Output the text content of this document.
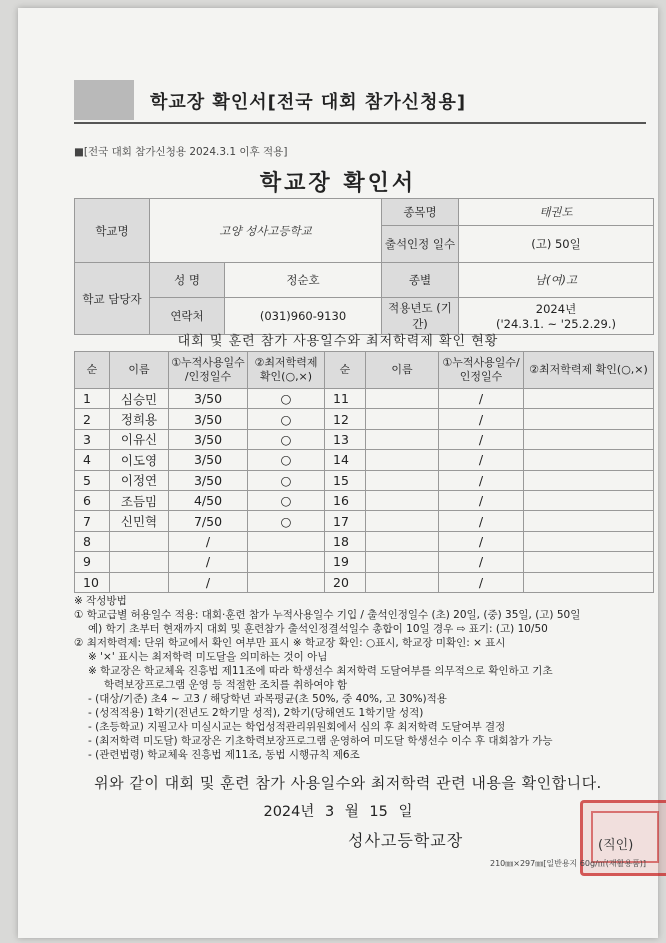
학교장 확인서[전국 대회 참가신청용]
■[전국 대회 참가신청용 2024.3.1 이후 적용]
학교장 확인서
학교명	고양 성사고등학교		종목명	태권도
			출석인정 일수	(고) 50일
학교 담당자	성 명	정순호	종별	남(여)고
	연락처	(031)960-9130	적용년도 (기간)	2024년
('24.3.1. ~ '25.2.29.)
대회 및 훈련 참가 사용일수와 최저학력제 확인 현황
순	이름	①누적사용일수 /인정일수	②최저학력제 확인(○,×)	순	이름	①누적사용일수/ 인정일수	②최저학력제 확인(○,×)
1	심승민	3/50	○	11		/	
2	정희용	3/50	○	12		/	
3	이유신	3/50	○	13		/	
4	이도영	3/50	○	14		/	
5	이정연	3/50	○	15		/	
6	조듬밈	4/50	○	16		/	
7	신민혁	7/50	○	17		/	
8		/		18		/	
9		/		19		/	
10		/		20		/	
※ 작성방법
① 학교급별 허용일수 적용: 대회·훈련 참가 누적사용일수 기입 / 출석인정일수 (초) 20일, (중) 35일, (고) 50일
예) 학기 초부터 현재까지 대회 및 훈련참가 출석인정결석일수 총합이 10일 경우 ⇨ 표기: (고) 10/50
② 최저학력제: 단위 학교에서 확인 여부만 표시 ※ 학교장 확인: ○표시, 학교장 미확인: × 표시
※ '×' 표시는 최저학력 미도달을 의미하는 것이 아님
※ 학교장은 학교체육 진흥법 제11조에 따라 학생선수 최저학력 도달여부를 의무적으로 확인하고 기초
학력보장프로그램 운영 등 적절한 조치를 취하여야 함
- (대상/기준) 초4 ~ 고3 / 해당학년 과목평균(초 50%, 중 40%, 고 30%)적용
- (성적적용) 1학기(전년도 2학기말 성적), 2학기(당해연도 1학기말 성적)
- (초등학교) 지필고사 미실시교는 학업성적관리위원회에서 심의 후 최저학력 도달여부 결정
- (최저학력 미도달) 학교장은 기초학력보장프로그램 운영하여 미도달 학생선수 이수 후 대회참가 가능
- (관련법령) 학교체육 진흥법 제11조, 동법 시행규칙 제6조
위와 같이 대회 및 훈련 참가 사용일수와 최저학력 관련 내용을 확인합니다.
2024년 3 월 15 일
성사고등학교장	(직인)
210㎜×297㎜[일반용지 60g/㎡(재활용품)]
